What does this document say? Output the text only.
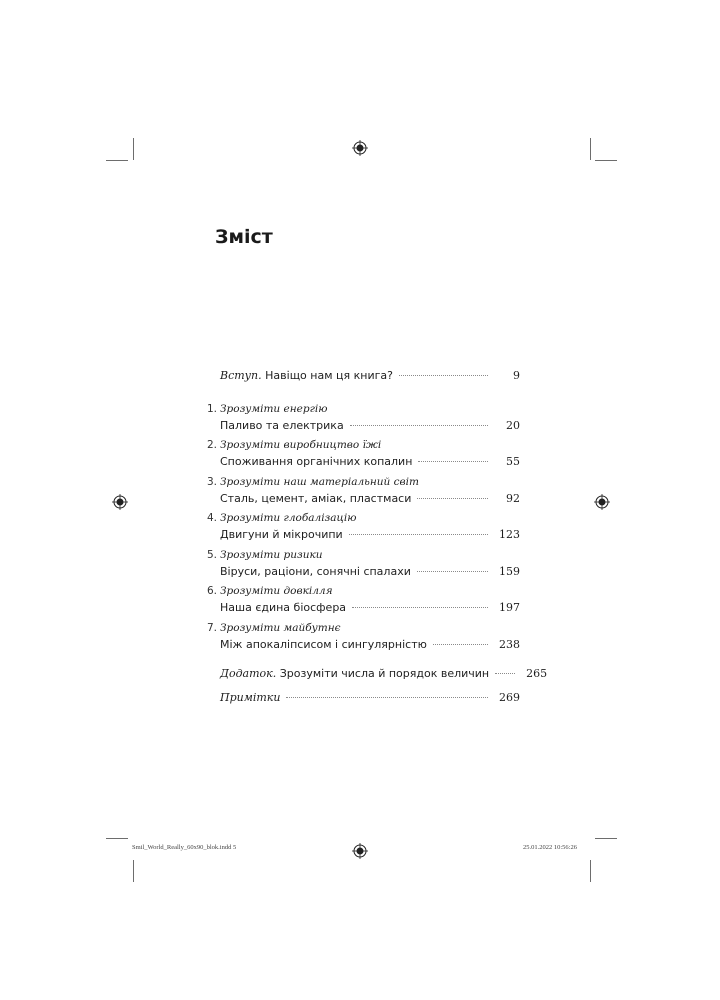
Зміст
Вступ. Навіщо нам ця книга?	9
1. Зрозуміти енергію
Паливо та електрика	20
2. Зрозуміти виробництво їжі
Споживання органічних копалин	55
3. Зрозуміти наш матеріальний світ
Сталь, цемент, аміак, пластмаси	92
4. Зрозуміти глобалізацію
Двигуни й мікрочипи	123
5. Зрозуміти ризики
Віруси, раціони, сонячні спалахи	159
6. Зрозуміти довкілля
Наша єдина біосфера	197
7. Зрозуміти майбутнє
Між апокаліпсисом і сингулярністю	238
Додаток. Зрозуміти числа й порядок величин	265
Примітки	269
Smil_World_Really_60x90_blok.indd 5	25.01.2022 10:56:26
